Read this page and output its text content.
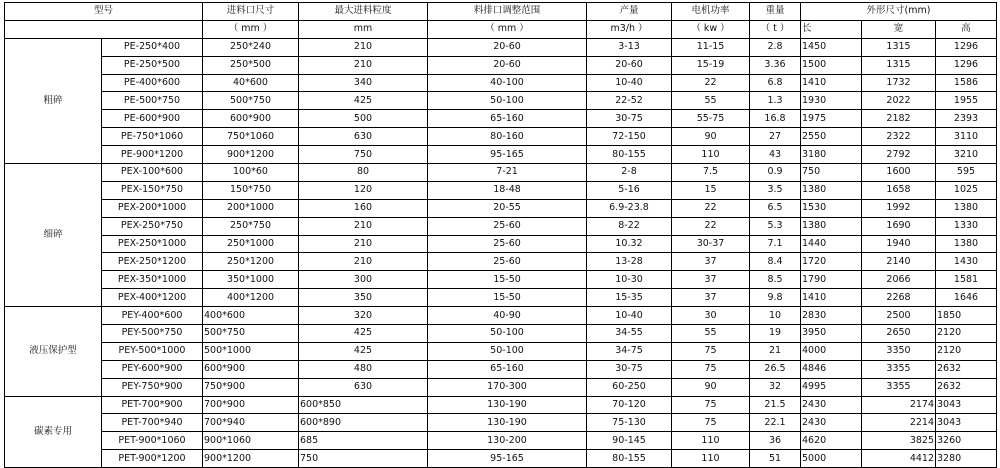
型号		进料口尺寸	最大进料粒度	料排口调整范围	产量	电机功率	重量	外形尺寸(mm)		
		（ mm ）	mm	（ mm ）	m3/h ）	（ kw ）	（ t ）	长	宽	高
粗碎	PE-250*400	250*240	210	20-60	3-13	11-15	2.8	1450	1315	1296
	PE-250*500	250*500	210	20-60	20-60	15-19	3.36	1500	1315	1296
	PE-400*600	40*600	340	40-100	10-40	22	6.8	1410	1732	1586
	PE-500*750	500*750	425	50-100	22-52	55	1.3	1930	2022	1955
	PE-600*900	600*900	500	65-160	30-75	55-75	16.8	1975	2182	2393
	PE-750*1060	750*1060	630	80-160	72-150	90	27	2550	2322	3110
	PE-900*1200	900*1200	750	95-165	80-155	110	43	3180	2792	3210
细碎	PEX-100*600	100*60	80	7-21	2-8	7.5	0.9	750	1600	595
	PEX-150*750	150*750	120	18-48	5-16	15	3.5	1380	1658	1025
	PEX-200*1000	200*1000	160	20-55	6.9-23.8	22	6.5	1530	1992	1380
	PEX-250*750	250*750	210	25-60	8-22	22	5.3	1380	1690	1330
	PEX-250*1000	250*1000	210	25-60	10.32	30-37	7.1	1440	1940	1380
	PEX-250*1200	250*1200	210	25-60	13-28	37	8.4	1720	2140	1430
	PEX-350*1000	350*1000	300	15-50	10-30	37	8.5	1790	2066	1581
	PEX-400*1200	400*1200	350	15-50	15-35	37	9.8	1410	2268	1646
液压保护型	PEY-400*600	400*600	320	40-90	10-40	30	10	2830	2500	1850
	PEY-500*750	500*750	425	50-100	34-55	55	19	3950	2650	2120
	PEY-500*1000	500*1000	425	50-100	34-75	75	21	4000	3350	2120
	PEY-600*900	600*900	480	65-160	30-75	75	26.5	4846	3355	2632
	PEY-750*900	750*900	630	170-300	60-250	90	32	4995	3355	2632
碳素专用	PET-700*900	700*900	600*850	130-190	70-120	75	21.5	2430	2174	3043
	PET-700*940	700*940	600*890	130-190	75-130	75	22.1	2430	2214	3043
	PET-900*1060	900*1060	685	130-200	90-145	110	36	4620	3825	3260
	PET-900*1200	900*1200	750	95-165	80-155	110	51	5000	4412	3280
